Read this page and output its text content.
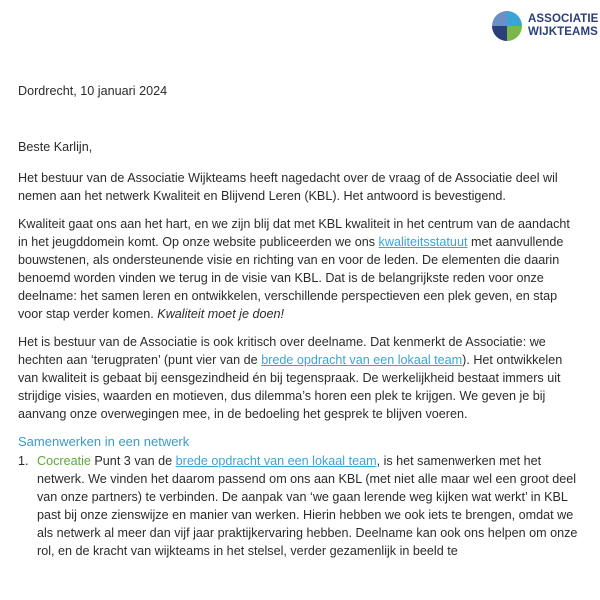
ASSOCIATIE
WIJKTEAMS
Dordrecht, 10 januari 2024
Beste Karlijn,

Het bestuur van de Associatie Wijkteams heeft nagedacht over de vraag of de Associatie deel wil nemen aan het netwerk Kwaliteit en Blijvend Leren (KBL). Het antwoord is bevestigend.

Kwaliteit gaat ons aan het hart, en we zijn blij dat met KBL kwaliteit in het centrum van de aandacht in het jeugddomein komt. Op onze website publiceerden we ons kwaliteitsstatuut met aanvullende bouwstenen, als ondersteunende visie en richting van en voor de leden. De elementen die daarin benoemd worden vinden we terug in de visie van KBL. Dat is de belangrijkste reden voor onze deelname: het samen leren en ontwikkelen, verschillende perspectieven een plek geven, en stap voor stap verder komen. Kwaliteit moet je doen!

Het is bestuur van de Associatie is ook kritisch over deelname. Dat kenmerkt de Associatie: we hechten aan ‘terugpraten’ (punt vier van de brede opdracht van een lokaal team). Het ontwikkelen van kwaliteit is gebaat bij eensgezindheid én bij tegenspraak. De werkelijkheid bestaat immers uit strijdige visies, waarden en motieven, dus dilemma’s horen een plek te krijgen. We geven je bij aanvang onze overwegingen mee, in de bedoeling het gesprek te blijven voeren.

Samenwerken in een netwerk
1. Cocreatie Punt 3 van de brede opdracht van een lokaal team, is het samenwerken met het netwerk. We vinden het daarom passend om ons aan KBL (met niet alle maar wel een groot deel van onze partners) te verbinden. De aanpak van ‘we gaan lerende weg kijken wat werkt’ in KBL past bij onze zienswijze en manier van werken. Hierin hebben we ook iets te brengen, omdat we als netwerk al meer dan vijf jaar praktijkervaring hebben. Deelname kan ook ons helpen om onze rol, en de kracht van wijkteams in het stelsel, verder gezamenlijk in beeld te
